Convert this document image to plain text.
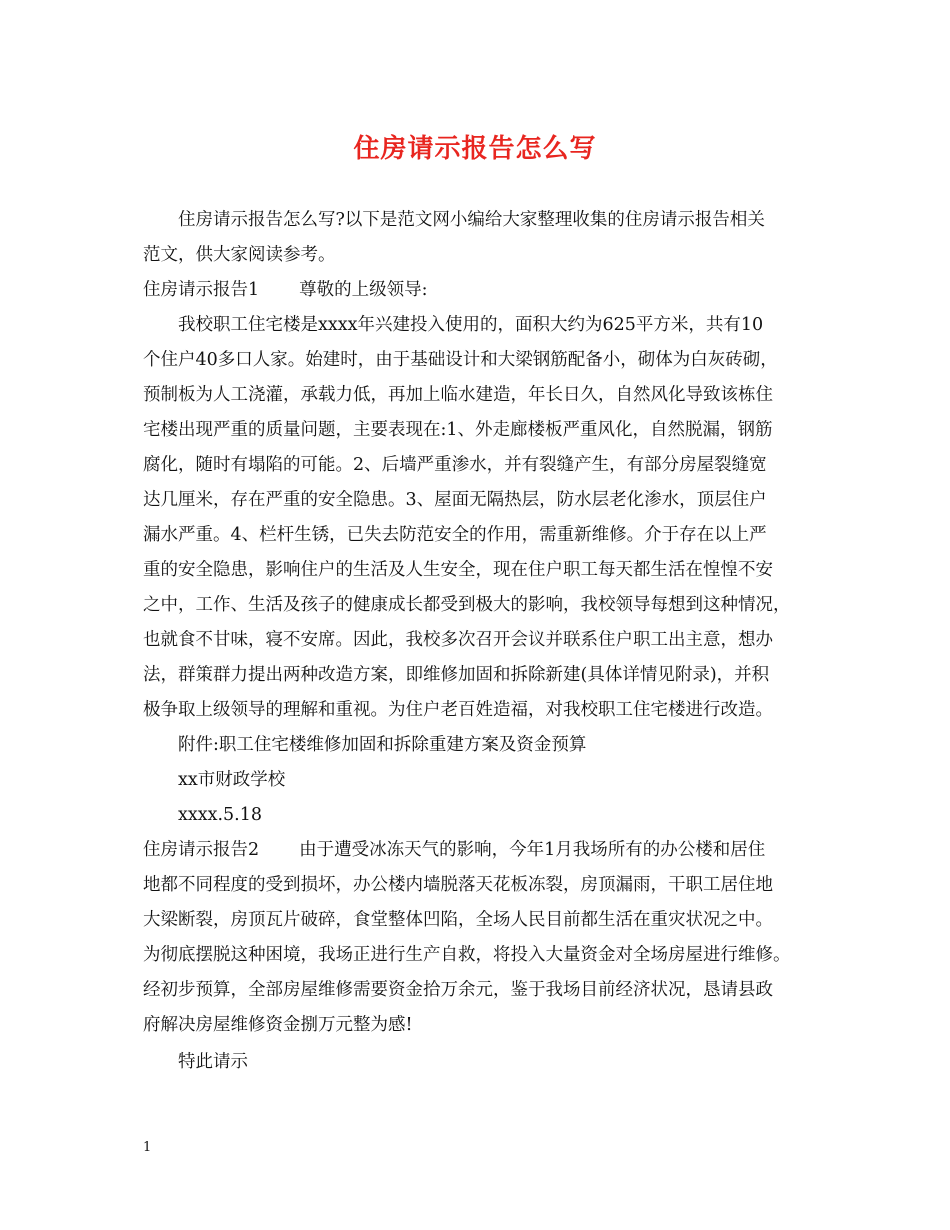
住房请示报告怎么写
住房请示报告怎么写?以下是范文网小编给大家整理收集的住房请示报告相关
范文，供大家阅读参考。
住房请示报告1 尊敬的上级领导:
我校职工住宅楼是xxxx年兴建投入使用的，面积大约为625平方米，共有10
个住户40多口人家。始建时，由于基础设计和大梁钢筋配备小，砌体为白灰砖砌，
预制板为人工浇灌，承载力低，再加上临水建造，年长日久，自然风化导致该栋住
宅楼出现严重的质量问题，主要表现在:1、外走廊楼板严重风化，自然脱漏，钢筋
腐化，随时有塌陷的可能。2、后墙严重渗水，并有裂缝产生，有部分房屋裂缝宽
达几厘米，存在严重的安全隐患。3、屋面无隔热层，防水层老化渗水，顶层住户
漏水严重。4、栏杆生锈，已失去防范安全的作用，需重新维修。介于存在以上严
重的安全隐患，影响住户的生活及人生安全，现在住户职工每天都生活在惶惶不安
之中，工作、生活及孩子的健康成长都受到极大的影响，我校领导每想到这种情况，
也就食不甘味，寝不安席。因此，我校多次召开会议并联系住户职工出主意，想办
法，群策群力提出两种改造方案，即维修加固和拆除新建(具体详情见附录)，并积
极争取上级领导的理解和重视。为住户老百姓造福，对我校职工住宅楼进行改造。
附件:职工住宅楼维修加固和拆除重建方案及资金预算
xx市财政学校
xxxx.5.18
住房请示报告2 由于遭受冰冻天气的影响，今年1月我场所有的办公楼和居住
地都不同程度的受到损坏，办公楼内墙脱落天花板冻裂，房顶漏雨，干职工居住地
大梁断裂，房顶瓦片破碎，食堂整体凹陷，全场人民目前都生活在重灾状况之中。
为彻底摆脱这种困境，我场正进行生产自救，将投入大量资金对全场房屋进行维修。
经初步预算，全部房屋维修需要资金拾万余元，鉴于我场目前经济状况，恳请县政
府解决房屋维修资金捌万元整为感!
特此请示
1
